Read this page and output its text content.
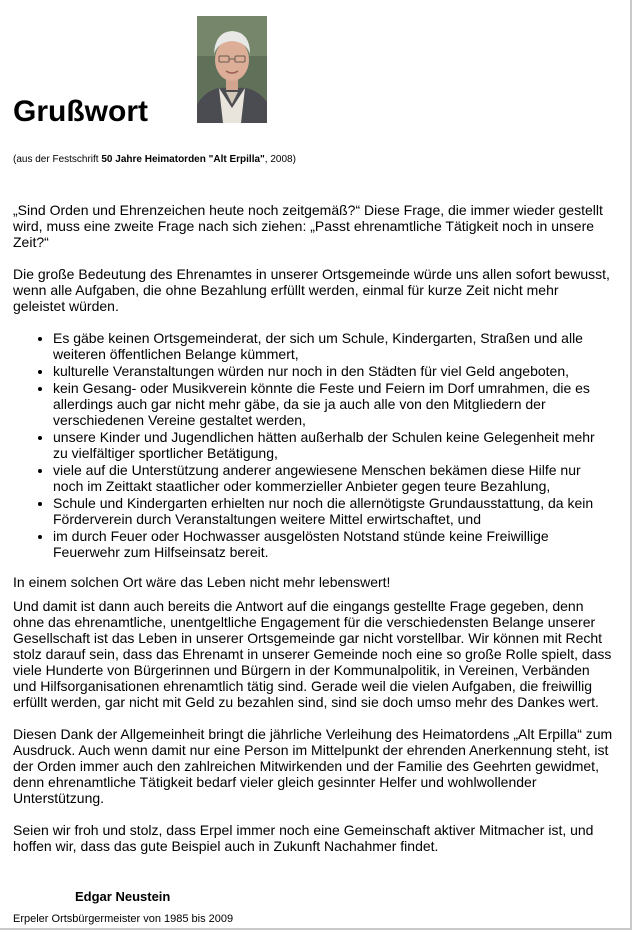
Grußwort
(aus der Festschrift 50 Jahre Heimatorden "Alt Erpilla", 2008)

„Sind Orden und Ehrenzeichen heute noch zeitgemäß?“ Diese Frage, die immer wieder gestellt wird, muss eine zweite Frage nach sich ziehen: „Passt ehrenamtliche Tätigkeit noch in unsere Zeit?“

Die große Bedeutung des Ehrenamtes in unserer Ortsgemeinde würde uns allen sofort bewusst, wenn alle Aufgaben, die ohne Bezahlung erfüllt werden, einmal für kurze Zeit nicht mehr geleistet würden.

• Es gäbe keinen Ortsgemeinderat, der sich um Schule, Kindergarten, Straßen und alle weiteren öffentlichen Belange kümmert,
• kulturelle Veranstaltungen würden nur noch in den Städten für viel Geld angeboten,
• kein Gesang- oder Musikverein könnte die Feste und Feiern im Dorf umrahmen, die es allerdings auch gar nicht mehr gäbe, da sie ja auch alle von den Mitgliedern der verschiedenen Vereine gestaltet werden,
• unsere Kinder und Jugendlichen hätten außerhalb der Schulen keine Gelegenheit mehr zu vielfältiger sportlicher Betätigung,
• viele auf die Unterstützung anderer angewiesene Menschen bekämen diese Hilfe nur noch im Zeittakt staatlicher oder kommerzieller Anbieter gegen teure Bezahlung,
• Schule und Kindergarten erhielten nur noch die allernötigste Grundausstattung, da kein Förderverein durch Veranstaltungen weitere Mittel erwirtschaftet, und
• im durch Feuer oder Hochwasser ausgelösten Notstand stünde keine Freiwillige Feuerwehr zum Hilfseinsatz bereit.

In einem solchen Ort wäre das Leben nicht mehr lebenswert!

Und damit ist dann auch bereits die Antwort auf die eingangs gestellte Frage gegeben, denn ohne das ehrenamtliche, unentgeltliche Engagement für die verschiedensten Belange unserer Gesellschaft ist das Leben in unserer Ortsgemeinde gar nicht vorstellbar. Wir können mit Recht stolz darauf sein, dass das Ehrenamt in unserer Gemeinde noch eine so große Rolle spielt, dass viele Hunderte von Bürgerinnen und Bürgern in der Kommunalpolitik, in Vereinen, Verbänden und Hilfsorganisationen ehrenamtlich tätig sind. Gerade weil die vielen Aufgaben, die freiwillig erfüllt werden, gar nicht mit Geld zu bezahlen sind, sind sie doch umso mehr des Dankes wert.

Diesen Dank der Allgemeinheit bringt die jährliche Verleihung des Heimatordens „Alt Erpilla“ zum Ausdruck. Auch wenn damit nur eine Person im Mittelpunkt der ehrenden Anerkennung steht, ist der Orden immer auch den zahlreichen Mitwirkenden und der Familie des Geehrten gewidmet, denn ehrenamtliche Tätigkeit bedarf vieler gleich gesinnter Helfer und wohlwollender Unterstützung.

Seien wir froh und stolz, dass Erpel immer noch eine Gemeinschaft aktiver Mitmacher ist, und hoffen wir, dass das gute Beispiel auch in Zukunft Nachahmer findet.

Edgar Neustein
Erpeler Ortsbürgermeister von 1985 bis 2009
